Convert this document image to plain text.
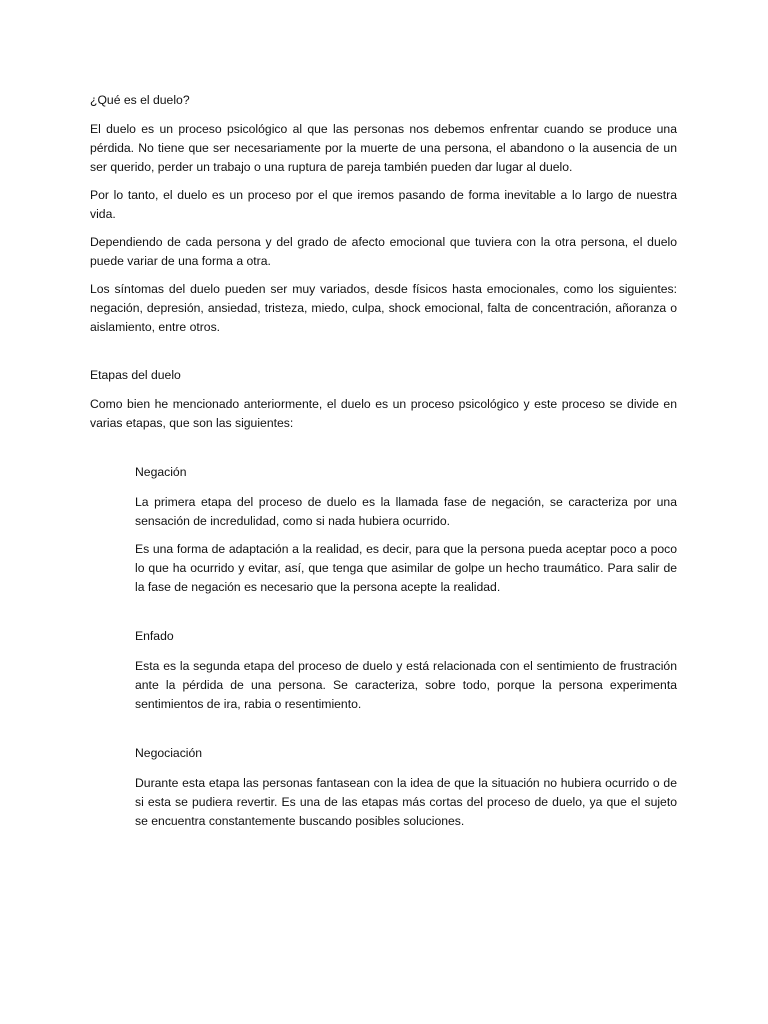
¿Qué es el duelo?
El duelo es un proceso psicológico al que las personas nos debemos enfrentar cuando se produce una pérdida. No tiene que ser necesariamente por la muerte de una persona, el abandono o la ausencia de un ser querido, perder un trabajo o una ruptura de pareja también pueden dar lugar al duelo.
Por lo tanto, el duelo es un proceso por el que iremos pasando de forma inevitable a lo largo de nuestra vida.
Dependiendo de cada persona y del grado de afecto emocional que tuviera con la otra persona, el duelo puede variar de una forma a otra.
Los síntomas del duelo pueden ser muy variados, desde físicos hasta emocionales, como los siguientes: negación, depresión, ansiedad, tristeza, miedo, culpa, shock emocional, falta de concentración, añoranza o aislamiento, entre otros.
Etapas del duelo
Como bien he mencionado anteriormente, el duelo es un proceso psicológico y este proceso se divide en varias etapas, que son las siguientes:
Negación
La primera etapa del proceso de duelo es la llamada fase de negación, se caracteriza por una sensación de incredulidad, como si nada hubiera ocurrido.
Es una forma de adaptación a la realidad, es decir, para que la persona pueda aceptar poco a poco lo que ha ocurrido y evitar, así, que tenga que asimilar de golpe un hecho traumático. Para salir de la fase de negación es necesario que la persona acepte la realidad.
Enfado
Esta es la segunda etapa del proceso de duelo y está relacionada con el sentimiento de frustración ante la pérdida de una persona. Se caracteriza, sobre todo, porque la persona experimenta sentimientos de ira, rabia o resentimiento.
Negociación
Durante esta etapa las personas fantasean con la idea de que la situación no hubiera ocurrido o de si esta se pudiera revertir. Es una de las etapas más cortas del proceso de duelo, ya que el sujeto se encuentra constantemente buscando posibles soluciones.
